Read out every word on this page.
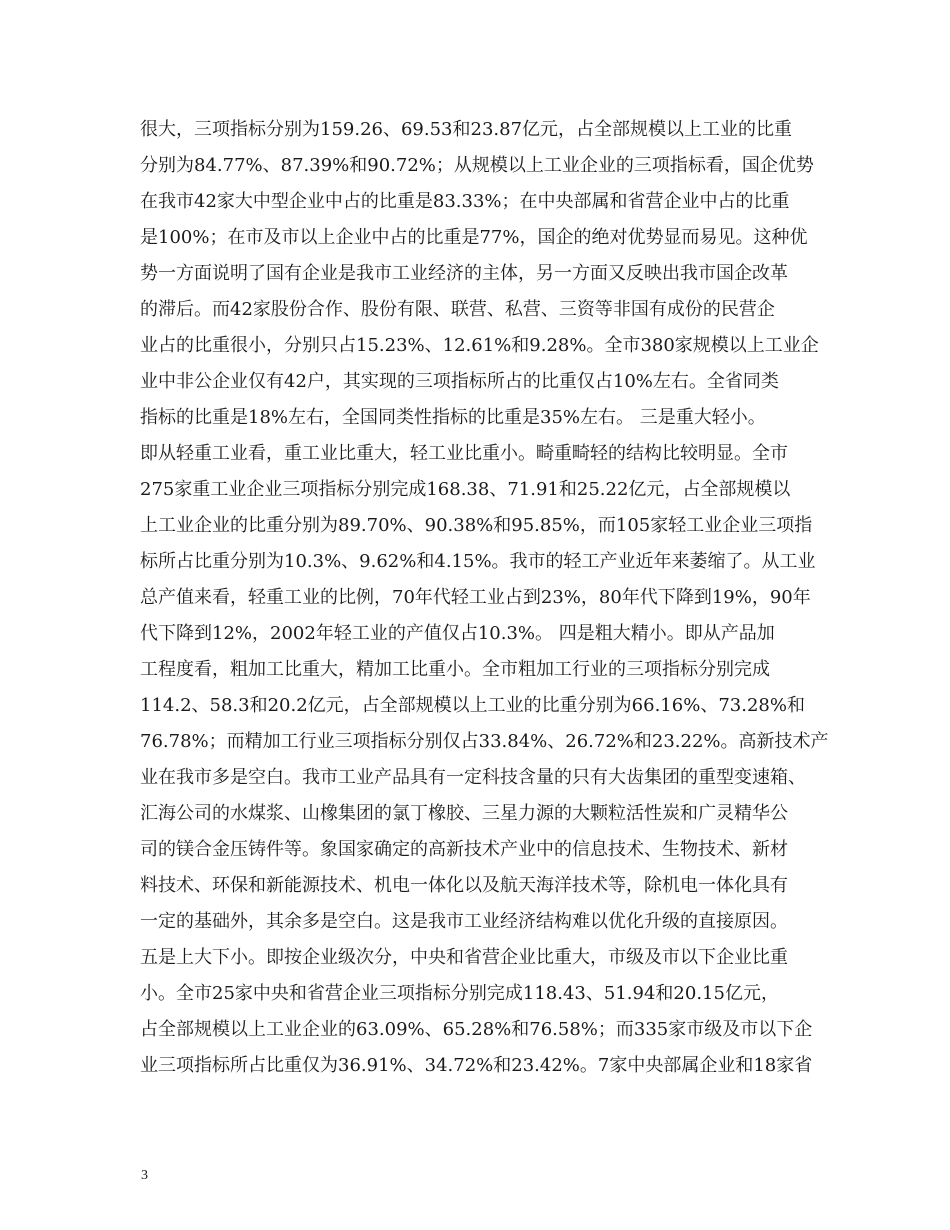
很大，三项指标分别为159.26、69.53和23.87亿元，占全部规模以上工业的比重
分别为84.77%、87.39%和90.72%；从规模以上工业企业的三项指标看，国企优势
在我市42家大中型企业中占的比重是83.33%；在中央部属和省营企业中占的比重
是100%；在市及市以上企业中占的比重是77%，国企的绝对优势显而易见。这种优
势一方面说明了国有企业是我市工业经济的主体，另一方面又反映出我市国企改革
的滞后。而42家股份合作、股份有限、联营、私营、三资等非国有成份的民营企
业占的比重很小，分别只占15.23%、12.61%和9.28%。全市380家规模以上工业企
业中非公企业仅有42户，其实现的三项指标所占的比重仅占10%左右。全省同类
指标的比重是18%左右，全国同类性指标的比重是35%左右。 三是重大轻小。
即从轻重工业看，重工业比重大，轻工业比重小。畸重畸轻的结构比较明显。全市
275家重工业企业三项指标分别完成168.38、71.91和25.22亿元，占全部规模以
上工业企业的比重分别为89.70%、90.38%和95.85%，而105家轻工业企业三项指
标所占比重分别为10.3%、9.62%和4.15%。我市的轻工产业近年来萎缩了。从工业
总产值来看，轻重工业的比例，70年代轻工业占到23%，80年代下降到19%，90年
代下降到12%，2002年轻工业的产值仅占10.3%。 四是粗大精小。即从产品加
工程度看，粗加工比重大，精加工比重小。全市粗加工行业的三项指标分别完成
114.2、58.3和20.2亿元，占全部规模以上工业的比重分别为66.16%、73.28%和
76.78%；而精加工行业三项指标分别仅占33.84%、26.72%和23.22%。高新技术产
业在我市多是空白。我市工业产品具有一定科技含量的只有大齿集团的重型变速箱、
汇海公司的水煤浆、山橡集团的氯丁橡胶、三星力源的大颗粒活性炭和广灵精华公
司的镁合金压铸件等。象国家确定的高新技术产业中的信息技术、生物技术、新材
料技术、环保和新能源技术、机电一体化以及航天海洋技术等，除机电一体化具有
一定的基础外，其余多是空白。这是我市工业经济结构难以优化升级的直接原因。
五是上大下小。即按企业级次分，中央和省营企业比重大，市级及市以下企业比重
小。全市25家中央和省营企业三项指标分别完成118.43、51.94和20.15亿元，
占全部规模以上工业企业的63.09%、65.28%和76.58%；而335家市级及市以下企
业三项指标所占比重仅为36.91%、34.72%和23.42%。7家中央部属企业和18家省
3
